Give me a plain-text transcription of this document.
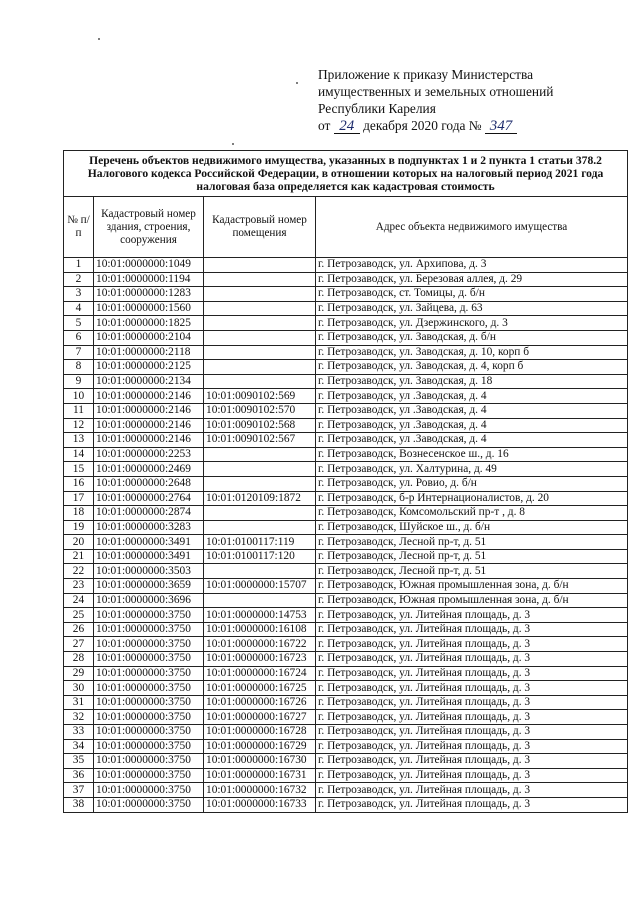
Приложение к приказу Министерства
имущественных и земельных отношений
Республики Карелия
от 24 декабря 2020 года № 347
Перечень объектов недвижимого имущества, указанных в подпунктах 1 и 2 пункта 1 статьи 378.2 Налогового кодекса Российской Федерации, в отношении которых на налоговый период 2021 года налоговая база определяется как кадастровая стоимость			
№ п/п	Кадастровый номер здания, строения, сооружения	Кадастровый номер помещения	Адрес объекта недвижимого имущества
1	10:01:0000000:1049		г. Петрозаводск, ул. Архипова, д. 3
2	10:01:0000000:1194		г. Петрозаводск, ул. Березовая аллея, д. 29
3	10:01:0000000:1283		г. Петрозаводск, ст. Томицы, д. б/н
4	10:01:0000000:1560		г. Петрозаводск, ул. Зайцева, д. 63
5	10:01:0000000:1825		г. Петрозаводск, ул. Дзержинского, д. 3
6	10:01:0000000:2104		г. Петрозаводск, ул. Заводская, д. б/н
7	10:01:0000000:2118		г. Петрозаводск, ул. Заводская, д. 10, корп б
8	10:01:0000000:2125		г. Петрозаводск, ул. Заводская, д. 4, корп б
9	10:01:0000000:2134		г. Петрозаводск, ул. Заводская, д. 18
10	10:01:0000000:2146	10:01:0090102:569	г. Петрозаводск, ул .Заводская, д. 4
11	10:01:0000000:2146	10:01:0090102:570	г. Петрозаводск, ул .Заводская, д. 4
12	10:01:0000000:2146	10:01:0090102:568	г. Петрозаводск, ул .Заводская, д. 4
13	10:01:0000000:2146	10:01:0090102:567	г. Петрозаводск, ул .Заводская, д. 4
14	10:01:0000000:2253		г. Петрозаводск, Вознесенское ш., д. 16
15	10:01:0000000:2469		г. Петрозаводск, ул. Халтурина, д. 49
16	10:01:0000000:2648		г. Петрозаводск, ул. Ровио, д. б/н
17	10:01:0000000:2764	10:01:0120109:1872	г. Петрозаводск, б-р Интернационалистов, д. 20
18	10:01:0000000:2874		г. Петрозаводск, Комсомольский пр-т , д. 8
19	10:01:0000000:3283		г. Петрозаводск, Шуйское ш., д. б/н
20	10:01:0000000:3491	10:01:0100117:119	г. Петрозаводск, Лесной пр-т, д. 51
21	10:01:0000000:3491	10:01:0100117:120	г. Петрозаводск, Лесной пр-т, д. 51
22	10:01:0000000:3503		г. Петрозаводск, Лесной пр-т, д. 51
23	10:01:0000000:3659	10:01:0000000:15707	г. Петрозаводск, Южная промышленная зона, д. б/н
24	10:01:0000000:3696		г. Петрозаводск, Южная промышленная зона, д. б/н
25	10:01:0000000:3750	10:01:0000000:14753	г. Петрозаводск, ул. Литейная площадь, д. 3
26	10:01:0000000:3750	10:01:0000000:16108	г. Петрозаводск, ул. Литейная площадь, д. 3
27	10:01:0000000:3750	10:01:0000000:16722	г. Петрозаводск, ул. Литейная площадь, д. 3
28	10:01:0000000:3750	10:01:0000000:16723	г. Петрозаводск, ул. Литейная площадь, д. 3
29	10:01:0000000:3750	10:01:0000000:16724	г. Петрозаводск, ул. Литейная площадь, д. 3
30	10:01:0000000:3750	10:01:0000000:16725	г. Петрозаводск, ул. Литейная площадь, д. 3
31	10:01:0000000:3750	10:01:0000000:16726	г. Петрозаводск, ул. Литейная площадь, д. 3
32	10:01:0000000:3750	10:01:0000000:16727	г. Петрозаводск, ул. Литейная площадь, д. 3
33	10:01:0000000:3750	10:01:0000000:16728	г. Петрозаводск, ул. Литейная площадь, д. 3
34	10:01:0000000:3750	10:01:0000000:16729	г. Петрозаводск, ул. Литейная площадь, д. 3
35	10:01:0000000:3750	10:01:0000000:16730	г. Петрозаводск, ул. Литейная площадь, д. 3
36	10:01:0000000:3750	10:01:0000000:16731	г. Петрозаводск, ул. Литейная площадь, д. 3
37	10:01:0000000:3750	10:01:0000000:16732	г. Петрозаводск, ул. Литейная площадь, д. 3
38	10:01:0000000:3750	10:01:0000000:16733	г. Петрозаводск, ул. Литейная площадь, д. 3
